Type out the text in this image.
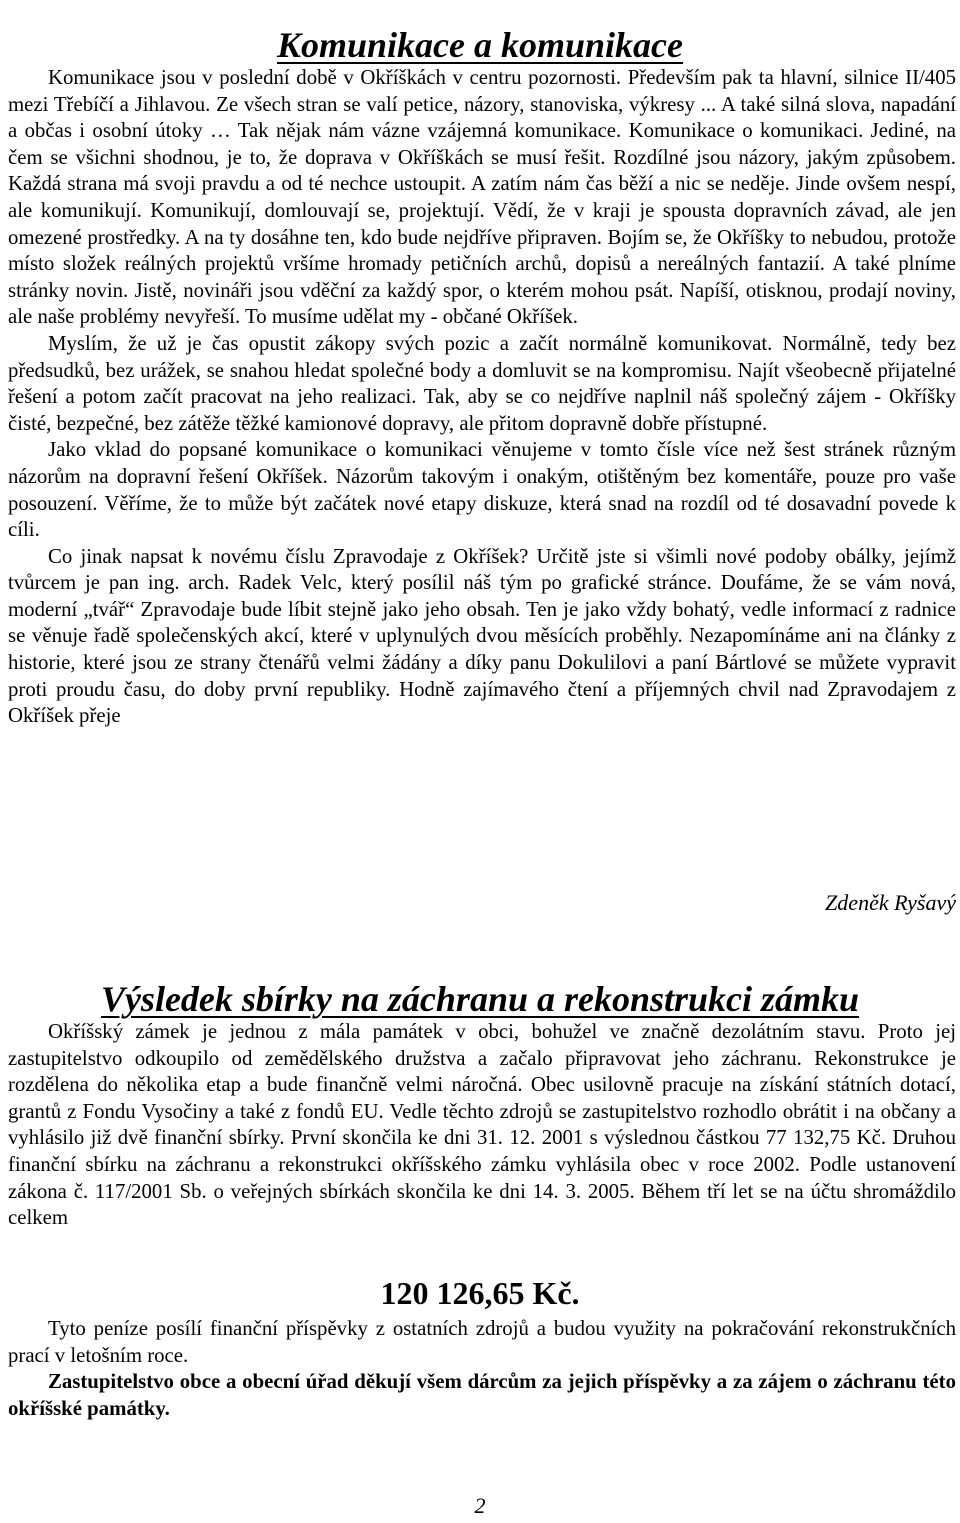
Komunikace a komunikace

Komunikace jsou v poslední době v Okříškách v centru pozornosti. Především pak ta hlavní, silnice II/405 mezi Třebíčí a Jihlavou. Ze všech stran se valí petice, názory, stanoviska, výkresy ... A také silná slova, napadání a občas i osobní útoky … Tak nějak nám vázne vzájemná komunikace. Komunikace o komunikaci. Jediné, na čem se všichni shodnou, je to, že doprava v Okříškách se musí řešit. Rozdílné jsou názory, jakým způsobem. Každá strana má svoji pravdu a od té nechce ustoupit. A zatím nám čas běží a nic se neděje. Jinde ovšem nespí, ale komunikují. Komunikují, domlouvají se, projektují. Vědí, že v kraji je spousta dopravních závad, ale jen omezené prostředky. A na ty dosáhne ten, kdo bude nejdříve připraven. Bojím se, že Okříšky to nebudou, protože místo složek reálných projektů vršíme hromady petičních archů, dopisů a nereálných fantazií. A také plníme stránky novin. Jistě, novináři jsou vděční za každý spor, o kterém mohou psát. Napíší, otisknou, prodají noviny, ale naše problémy nevyřeší. To musíme udělat my - občané Okříšek.

Myslím, že už je čas opustit zákopy svých pozic a začít normálně komunikovat. Normálně, tedy bez předsudků, bez urážek, se snahou hledat společné body a domluvit se na kompromisu. Najít všeobecně přijatelné řešení a potom začít pracovat na jeho realizaci. Tak, aby se co nejdříve naplnil náš společný zájem - Okříšky čisté, bezpečné, bez zátěže těžké kamionové dopravy, ale přitom dopravně dobře přístupné.

Jako vklad do popsané komunikace o komunikaci věnujeme v tomto čísle více než šest stránek různým názorům na dopravní řešení Okříšek. Názorům takovým i onakým, otištěným bez komentáře, pouze pro vaše posouzení. Věříme, že to může být začátek nové etapy diskuze, která snad na rozdíl od té dosavadní povede k cíli.

Co jinak napsat k novému číslu Zpravodaje z Okříšek? Určitě jste si všimli nové podoby obálky, jejímž tvůrcem je pan ing. arch. Radek Velc, který posílil náš tým po grafické stránce. Doufáme, že se vám nová, moderní „tvář“ Zpravodaje bude líbit stejně jako jeho obsah. Ten je jako vždy bohatý, vedle informací z radnice se věnuje řadě společenských akcí, které v uplynulých dvou měsících proběhly. Nezapomínáme ani na články z historie, které jsou ze strany čtenářů velmi žádány a díky panu Dokulilovi a paní Bártlové se můžete vypravit proti proudu času, do doby první republiky. Hodně zajímavého čtení a příjemných chvil nad Zpravodajem z Okříšek přeje

Zdeněk Ryšavý
Výsledek sbírky na záchranu a rekonstrukci zámku

Okříšský zámek je jednou z mála památek v obci, bohužel ve značně dezolátním stavu. Proto jej zastupitelstvo odkoupilo od zemědělského družstva a začalo připravovat jeho záchranu. Rekonstrukce je rozdělena do několika etap a bude finančně velmi náročná. Obec usilovně pracuje na získání státních dotací, grantů z Fondu Vysočiny a také z fondů EU. Vedle těchto zdrojů se zastupitelstvo rozhodlo obrátit i na občany a vyhlásilo již dvě finanční sbírky. První skončila ke dni 31. 12. 2001 s výslednou částkou 77 132,75 Kč. Druhou finanční sbírku na záchranu a rekonstrukci okříšského zámku vyhlásila obec v roce 2002. Podle ustanovení zákona č. 117/2001 Sb. o veřejných sbírkách skončila ke dni 14. 3. 2005. Během tří let se na účtu shromáždilo celkem

120 126,65 Kč.

Tyto peníze posílí finanční příspěvky z ostatních zdrojů a budou využity na pokračování rekonstrukčních prací v letošním roce.

Zastupitelstvo obce a obecní úřad děkují všem dárcům za jejich příspěvky a za zájem o záchranu této okříšské památky.

2
